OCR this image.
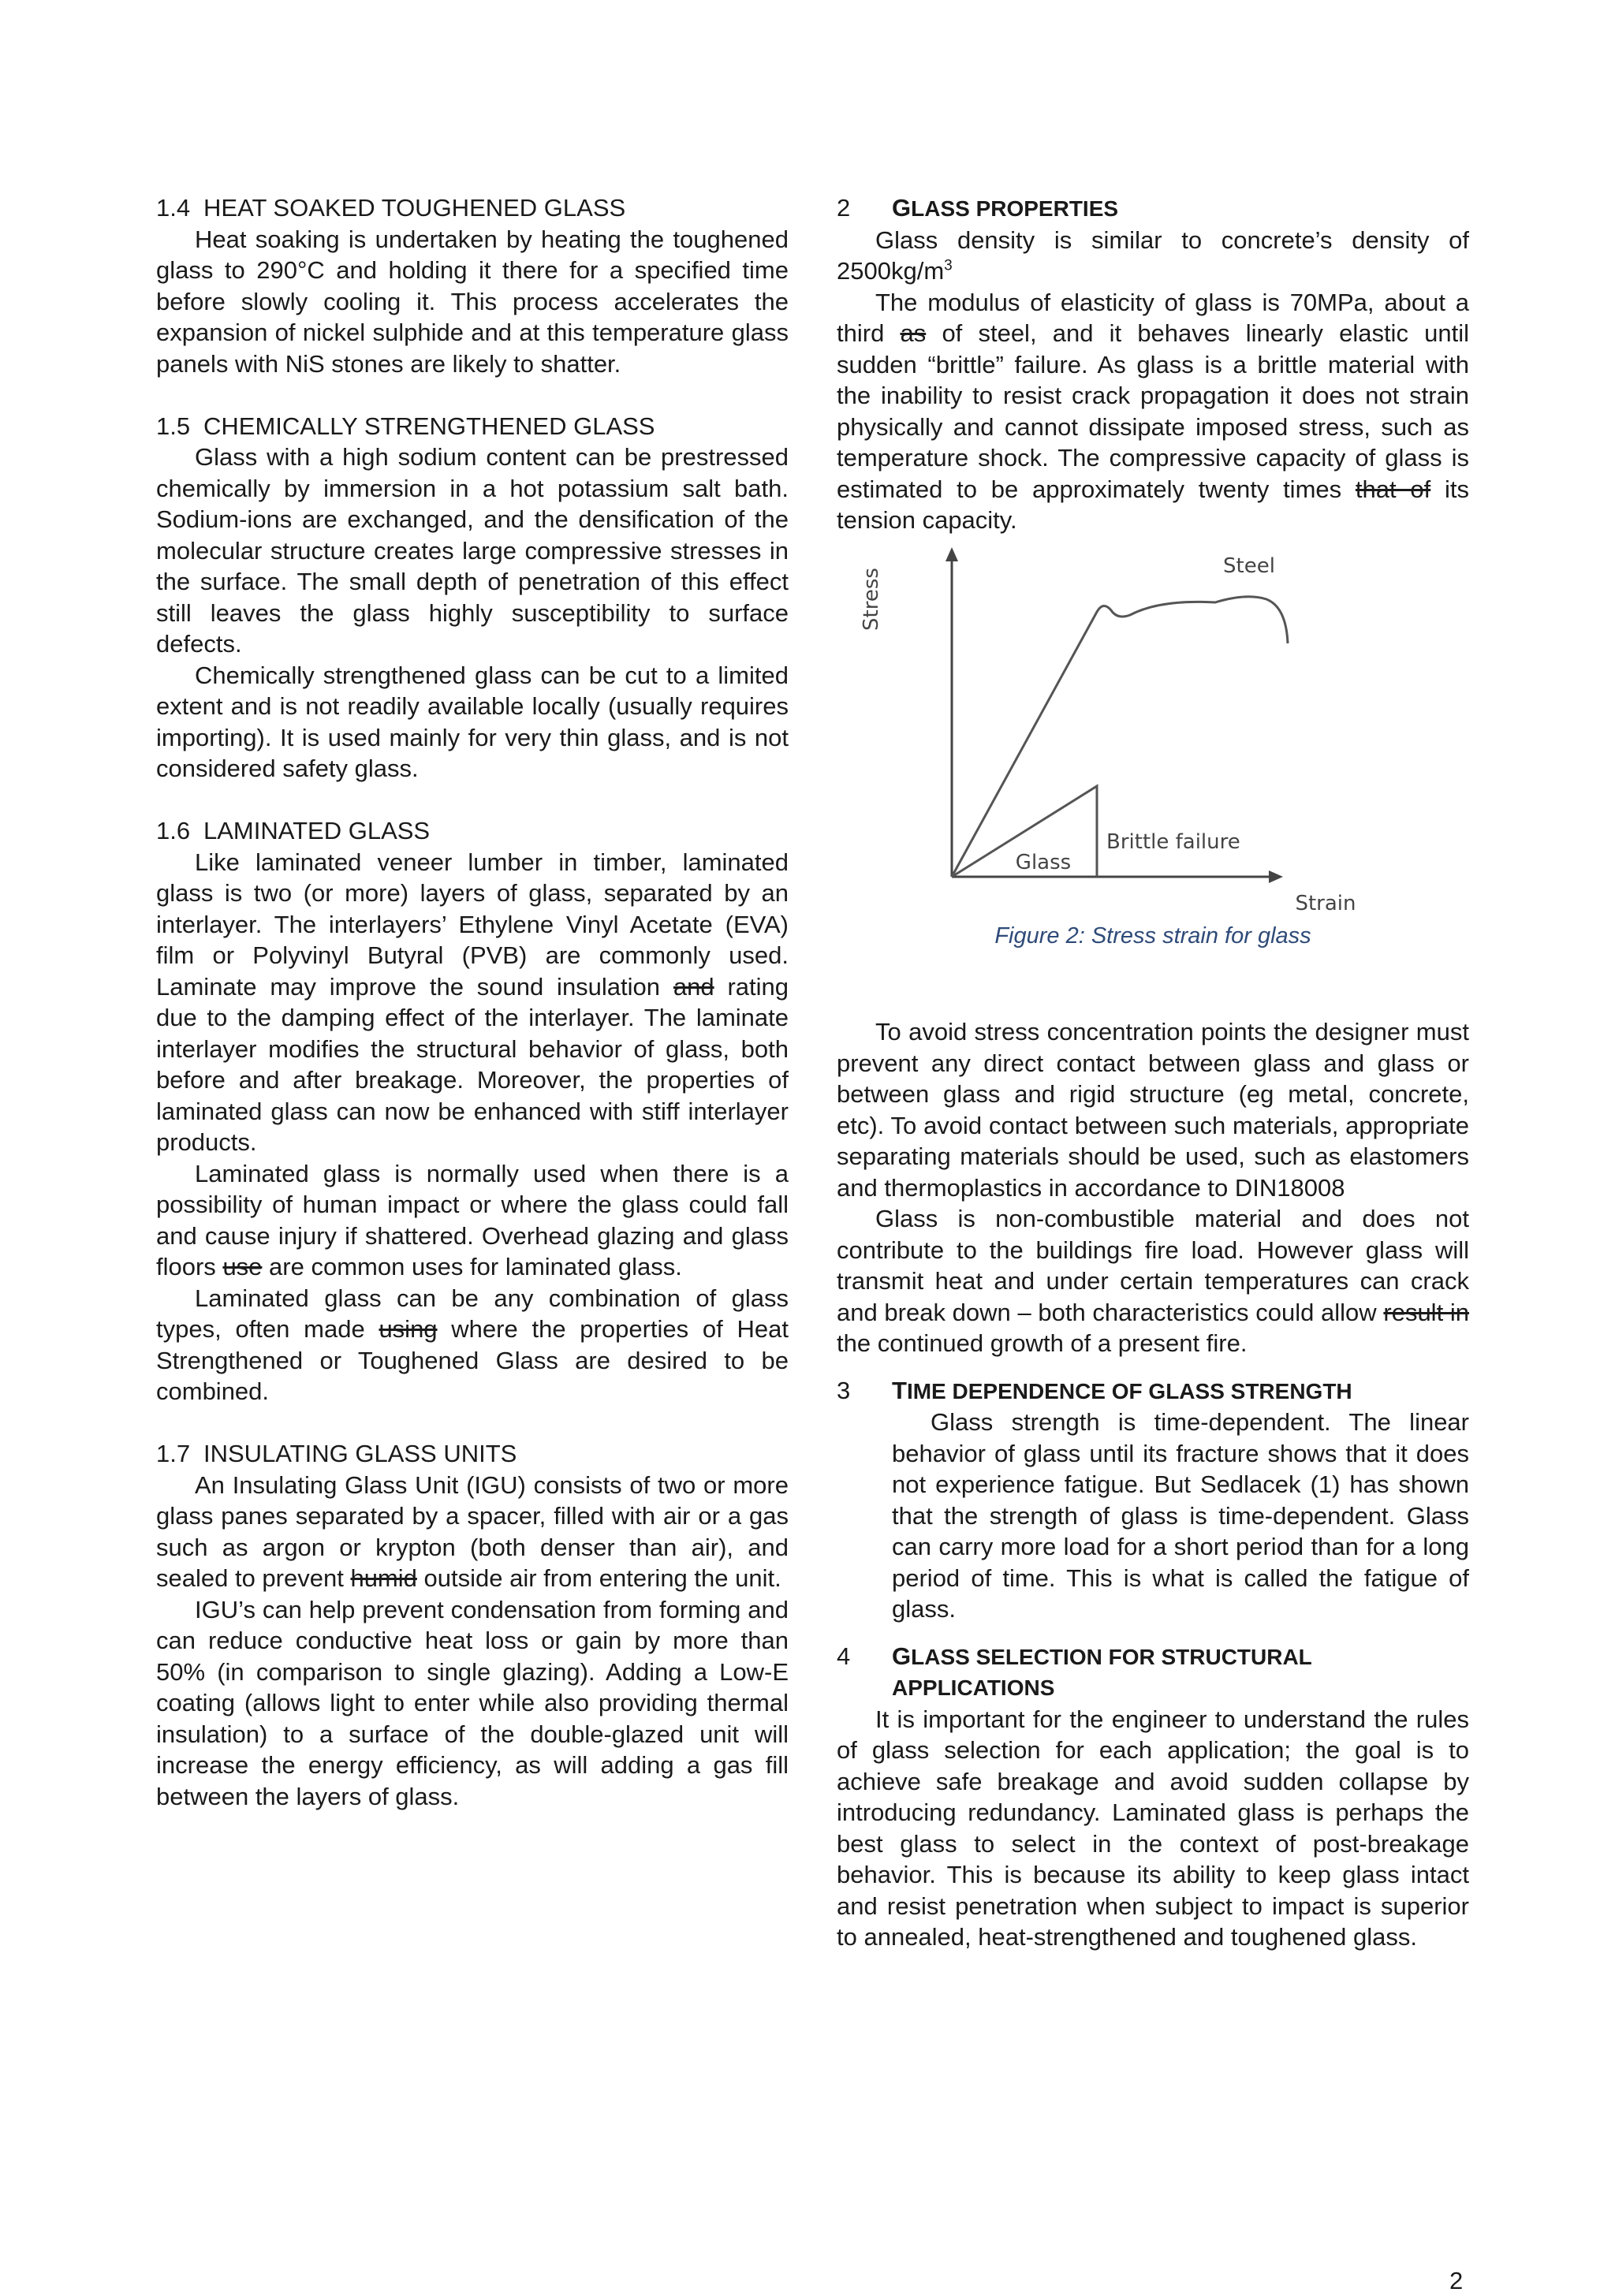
1.4 HEAT SOAKED TOUGHENED GLASS

Heat soaking is undertaken by heating the toughened glass to 290°C and holding it there for a specified time before slowly cooling it. This process accelerates the expansion of nickel sulphide and at this temperature glass panels with NiS stones are likely to shatter.

1.5 CHEMICALLY STRENGTHENED GLASS

Glass with a high sodium content can be prestressed chemically by immersion in a hot potassium salt bath. Sodium-ions are exchanged, and the densification of the molecular structure creates large compressive stresses in the surface. The small depth of penetration of this effect still leaves the glass highly susceptibility to surface defects.

Chemically strengthened glass can be cut to a limited extent and is not readily available locally (usually requires importing). It is used mainly for very thin glass, and is not considered safety glass.

1.6 LAMINATED GLASS

Like laminated veneer lumber in timber, laminated glass is two (or more) layers of glass, separated by an interlayer. The interlayers’ Ethylene Vinyl Acetate (EVA) film or Polyvinyl Butyral (PVB) are commonly used. Laminate may improve the sound insulation and rating due to the damping effect of the interlayer. The laminate interlayer modifies the structural behavior of glass, both before and after breakage. Moreover, the properties of laminated glass can now be enhanced with stiff interlayer products.

Laminated glass is normally used when there is a possibility of human impact or where the glass could fall and cause injury if shattered. Overhead glazing and glass floors use are common uses for laminated glass.

Laminated glass can be any combination of glass types, often made using where the properties of Heat Strengthened or Toughened Glass are desired to be combined.

1.7 INSULATING GLASS UNITS

An Insulating Glass Unit (IGU) consists of two or more glass panes separated by a spacer, filled with air or a gas such as argon or krypton (both denser than air), and sealed to prevent humid outside air from entering the unit.

IGU’s can help prevent condensation from forming and can reduce conductive heat loss or gain by more than 50% (in comparison to single glazing). Adding a Low-E coating (allows light to enter while also providing thermal insulation) to a surface of the double-glazed unit will increase the energy efficiency, as will adding a gas fill between the layers of glass.

2 GLASS PROPERTIES

Glass density is similar to concrete’s density of $2500kg/m^3$

The modulus of elasticity of glass is 70MPa, about a third as of steel, and it behaves linearly elastic until sudden “brittle” failure. As glass is a brittle material with the inability to resist crack propagation it does not strain physically and cannot dissipate imposed stress, such as temperature shock. The compressive capacity of glass is estimated to be approximately twenty times that of its tension capacity.

Stress
Steel
Glass
Brittle failure
Strain
Figure 2: Stress strain for glass

To avoid stress concentration points the designer must prevent any direct contact between glass and glass or between glass and rigid structure (eg metal, concrete, etc). To avoid contact between such materials, appropriate separating materials should be used, such as elastomers and thermoplastics in accordance to DIN18008

Glass is non-combustible material and does not contribute to the buildings fire load. However glass will transmit heat and under certain temperatures can crack and break down – both characteristics could allow result in the continued growth of a present fire.

3 TIME DEPENDENCE OF GLASS STRENGTH

Glass strength is time-dependent. The linear behavior of glass until its fracture shows that it does not experience fatigue. But Sedlacek (1) has shown that the strength of glass is time-dependent. Glass can carry more load for a short period than for a long period of time. This is what is called the fatigue of glass.

4 GLASS SELECTION FOR STRUCTURAL
APPLICATIONS

It is important for the engineer to understand the rules of glass selection for each application; the goal is to achieve safe breakage and avoid sudden collapse by introducing redundancy. Laminated glass is perhaps the best glass to select in the context of post-breakage behavior. This is because its ability to keep glass intact and resist penetration when subject to impact is superior to annealed, heat-strengthened and toughened glass.

2
